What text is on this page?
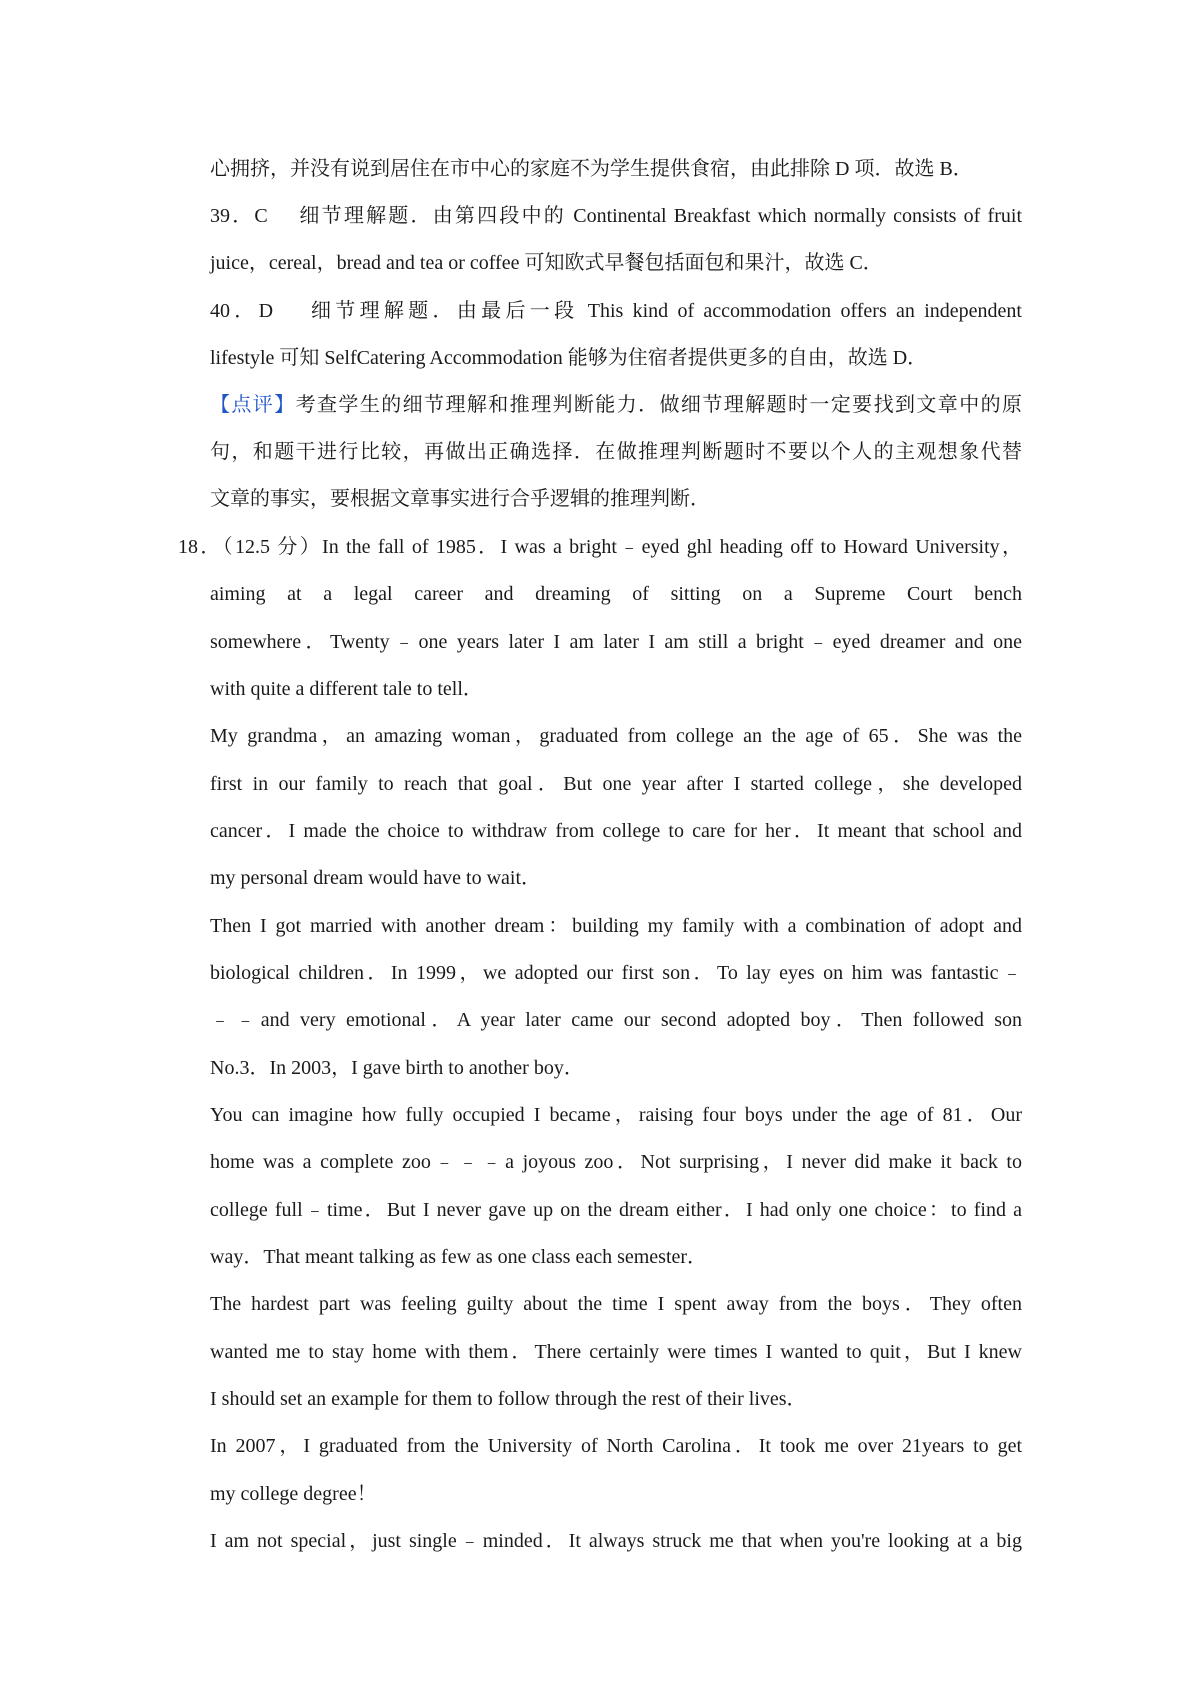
心拥挤，并没有说到居住在市中心的家庭不为学生提供食宿，由此排除 D 项．故选 B．
39．C　 细节理解题．由第四段中的 Continental Breakfast which normally consists of fruit
juice，cereal，bread and tea or coffee 可知欧式早餐包括面包和果汁，故选 C．
40．D　 细节理解题．由最后一段 This kind of accommodation offers an independent
lifestyle 可知 SelfCatering Accommodation 能够为住宿者提供更多的自由，故选 D．
【点评】考查学生的细节理解和推理判断能力．做细节理解题时一定要找到文章中的原
句，和题干进行比较，再做出正确选择．在做推理判断题时不要以个人的主观想象代替
文章的事实，要根据文章事实进行合乎逻辑的推理判断．
18．（12.5 分）In the fall of 1985．I was a bright﹣eyed ghl heading off to Howard University，
aiming at a legal career and dreaming of sitting on a Supreme Court bench
somewhere．Twenty﹣one years later I am later I am still a bright﹣eyed dreamer and one
with quite a different tale to tell．
My grandma，an amazing woman，graduated from college an the age of 65．She was the
first in our family to reach that goal．But one year after I started college，she developed
cancer．I made the choice to withdraw from college to care for her．It meant that school and
my personal dream would have to wait．
Then I got married with another dream：building my family with a combination of adopt and
biological children．In 1999，we adopted our first son．To lay eyes on him was fantastic﹣
﹣﹣and very emotional．A year later came our second adopted boy．Then followed son
No.3．In 2003，I gave birth to another boy．
You can imagine how fully occupied I became，raising four boys under the age of 81．Our
home was a complete zoo﹣﹣﹣a joyous zoo．Not surprising，I never did make it back to
college full﹣time．But I never gave up on the dream either．I had only one choice：to find a
way．That meant talking as few as one class each semester．
The hardest part was feeling guilty about the time I spent away from the boys．They often
wanted me to stay home with them．There certainly were times I wanted to quit，But I knew
I should set an example for them to follow through the rest of their lives．
In 2007，I graduated from the University of North Carolina．It took me over 21years to get
my college degree！
I am not special，just single﹣minded．It always struck me that when you're looking at a big
